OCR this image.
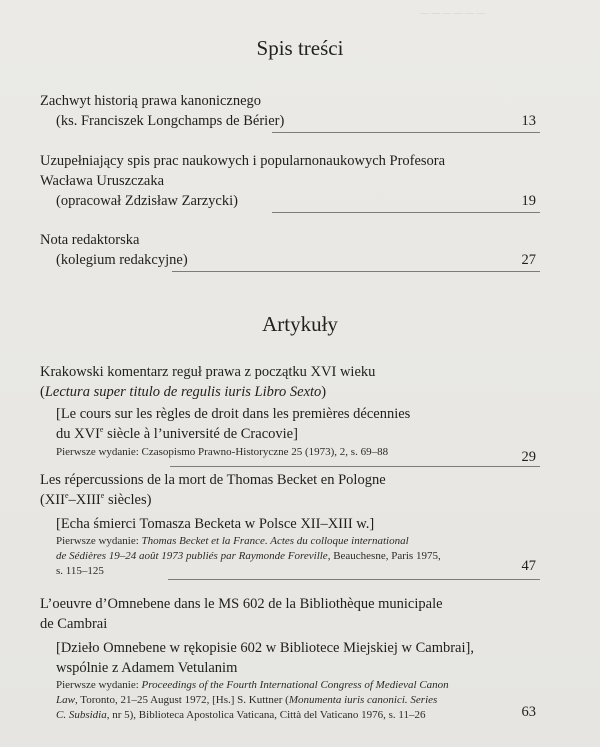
― ― ― ― ― ―
Spis treści
Zachwyt historią prawa kanonicznego
(ks. Franciszek Longchamps de Bérier)	13
Uzupełniający spis prac naukowych i popularnonaukowych Profesora
Wacława Uruszczaka
(opracował Zdzisław Zarzycki)	19
Nota redaktorska
(kolegium redakcyjne)	27
Artykuły
Krakowski komentarz reguł prawa z początku XVI wieku
(Lectura super titulo de regulis iuris Libro Sexto)
[Le cours sur les règles de droit dans les premières décennies
du XVIe siècle à l’université de Cracovie]
Pierwsze wydanie: Czasopismo Prawno-Historyczne 25 (1973), 2, s. 69–88	29
Les répercussions de la mort de Thomas Becket en Pologne
(XIIe–XIIIe siècles)
[Echa śmierci Tomasza Becketa w Polsce XII–XIII w.]
Pierwsze wydanie: Thomas Becket et la France. Actes du colloque international
de Sédières 19–24 août 1973 publiés par Raymonde Foreville, Beauchesne, Paris 1975,
s. 115–125	47
L’oeuvre d’Omnebene dans le MS 602 de la Bibliothèque municipale
de Cambrai
[Dzieło Omnebene w rękopisie 602 w Bibliotece Miejskiej w Cambrai],
wspólnie z Adamem Vetulanim
Pierwsze wydanie: Proceedings of the Fourth International Congress of Medieval Canon
Law, Toronto, 21–25 August 1972, [Hs.] S. Kuttner (Monumenta iuris canonici. Series
C. Subsidia, nr 5), Biblioteca Apostolica Vaticana, Città del Vaticano 1976, s. 11–26	63
